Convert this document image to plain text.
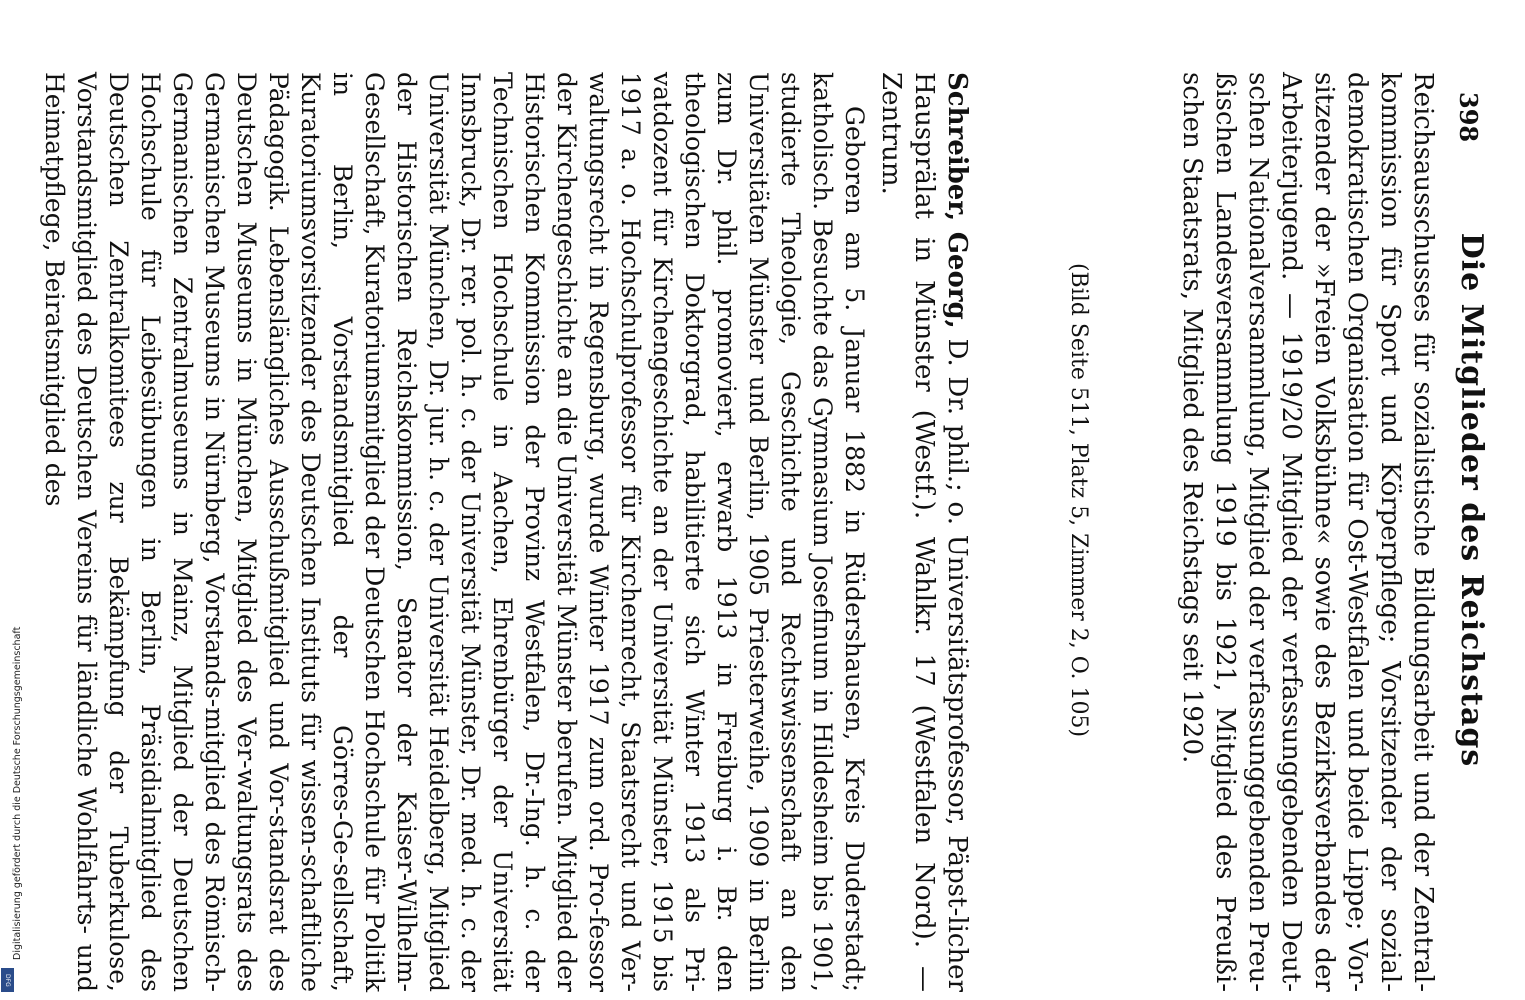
Digitalisierung gefördert durch die Deutsche Forschungsgemeinschaft
DFG
398
Die Mitglieder des Reichstags
Reichsausschusses für sozialistische Bildungsarbeit und der Zentral-kommission für Sport und Körperpflege; Vorsitzender der sozial-demokratischen Organisation für Ost-Westfalen und beide Lippe; Vor-sitzender der »Freien Volksbühne« sowie des Bezirksverbandes der Arbeiterjugend. — 1919/20 Mitglied der verfassunggebenden Deut-schen Nationalversammlung, Mitglied der verfassunggebenden Preu-ßischen Landesversammlung 1919 bis 1921, Mitglied des Preußi-schen Staatsrats, Mitglied des Reichstags seit 1920.
(Bild Seite 511, Platz 5, Zimmer 2, O. 105)
Schreiber, Georg, D. Dr. phil.; o. Universitätsprofessor, Päpst-licher Hausprälat in Münster (Westf.). Wahlkr. 17 (Westfalen Nord). — Zentrum.
Geboren am 5. Januar 1882 in Rüdershausen, Kreis Duderstadt; katholisch. Besuchte das Gymnasium Josefinum in Hildesheim bis 1901, studierte Theologie, Geschichte und Rechtswissenschaft an den Universitäten Münster und Berlin, 1905 Priesterweihe, 1909 in Berlin zum Dr. phil. promoviert, erwarb 1913 in Freiburg i. Br. den theologischen Doktorgrad, habilitierte sich Winter 1913 als Pri-vatdozent für Kirchengeschichte an der Universität Münster, 1915 bis 1917 a. o. Hochschulprofessor für Kirchenrecht, Staatsrecht und Ver-waltungsrecht in Regensburg, wurde Winter 1917 zum ord. Pro-fessor der Kirchengeschichte an die Universität Münster berufen. Mitglied der Historischen Kommission der Provinz Westfalen, Dr.-Ing. h. c. der Technischen Hochschule in Aachen, Ehrenbürger der Universität Innsbruck, Dr. rer. pol. h. c. der Universität Münster, Dr. med. h. c. der Universität München, Dr. jur. h. c. der Universität Heidelberg, Mitglied der Historischen Reichskommission, Senator der Kaiser-Wilhelm-Gesellschaft, Kuratoriumsmitglied der Deutschen Hochschule für Politik in Berlin, Vorstandsmitglied der Görres-Ge-sellschaft, Kuratoriumsvorsitzender des Deutschen Instituts für wissen-schaftliche Pädagogik. Lebenslängliches Ausschußmitglied und Vor-standsrat des Deutschen Museums in München, Mitglied des Ver-waltungsrats des Germanischen Museums in Nürnberg, Vorstands-mitglied des Römisch-Germanischen Zentralmuseums in Mainz, Mitglied der Deutschen Hochschule für Leibesübungen in Berlin, Präsidialmitglied des Deutschen Zentralkomitees zur Bekämpfung der Tuberkulose, Vorstandsmitglied des Deutschen Vereins für ländliche Wohlfahrts- und Heimatpflege, Beiratsmitglied des
